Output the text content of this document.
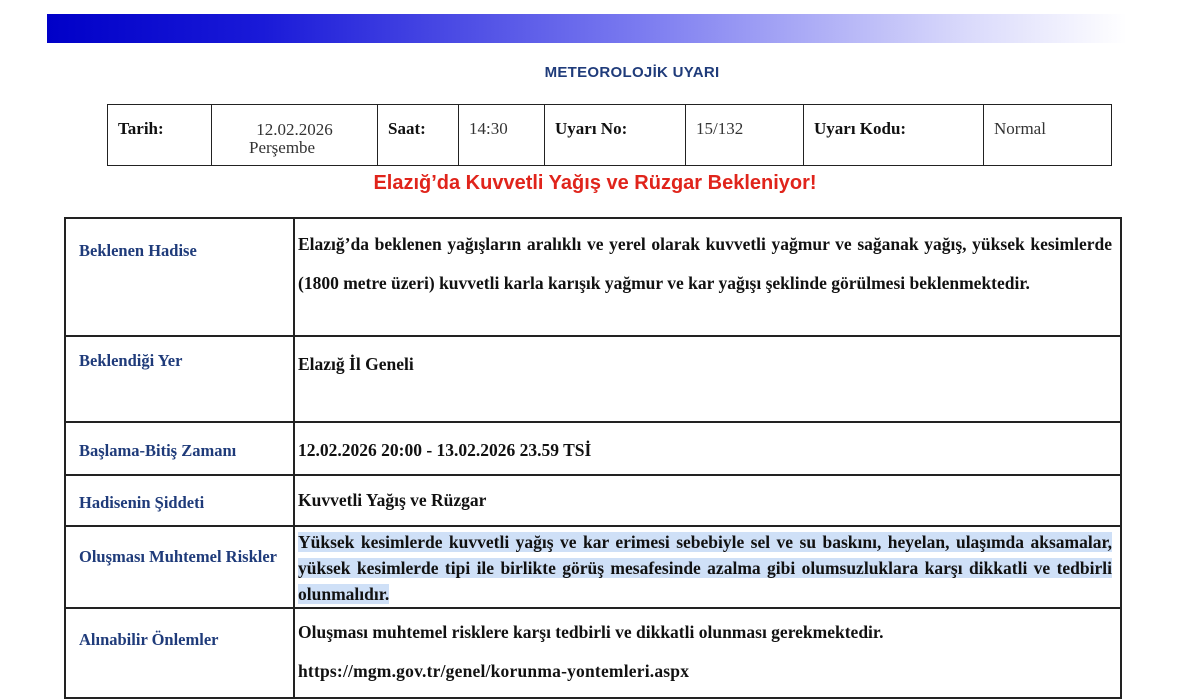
METEOROLOJİK UYARI
Tarih:	12.02.2026
Perşembe
	Saat:	14:30	Uyarı No:	15/132	Uyarı Kodu:	Normal
Elazığ’da Kuvvetli Yağış ve Rüzgar Bekleniyor!
Beklenen Hadise	Elazığ’da beklenen yağışların aralıklı ve yerel olarak kuvvetli yağmur ve sağanak yağış, yüksek kesimlerde (1800 metre üzeri) kuvvetli karla karışık yağmur ve kar yağışı şeklinde görülmesi beklenmektedir.
Beklendiği Yer	Elazığ İl Geneli
Başlama-Bitiş Zamanı	12.02.2026 20:00 - 13.02.2026 23.59 TSİ
Hadisenin Şiddeti	Kuvvetli Yağış ve Rüzgar
Oluşması Muhtemel Riskler	Yüksek kesimlerde kuvvetli yağış ve kar erimesi sebebiyle sel ve su baskını, heyelan, ulaşımda aksamalar, yüksek kesimlerde tipi ile birlikte görüş mesafesinde azalma gibi olumsuzluklara karşı dikkatli ve tedbirli olunmalıdır.
Alınabilir Önlemler	Oluşması muhtemel risklere karşı tedbirli ve dikkatli olunması gerekmektedir.
https://mgm.gov.tr/genel/korunma-yontemleri.aspx
